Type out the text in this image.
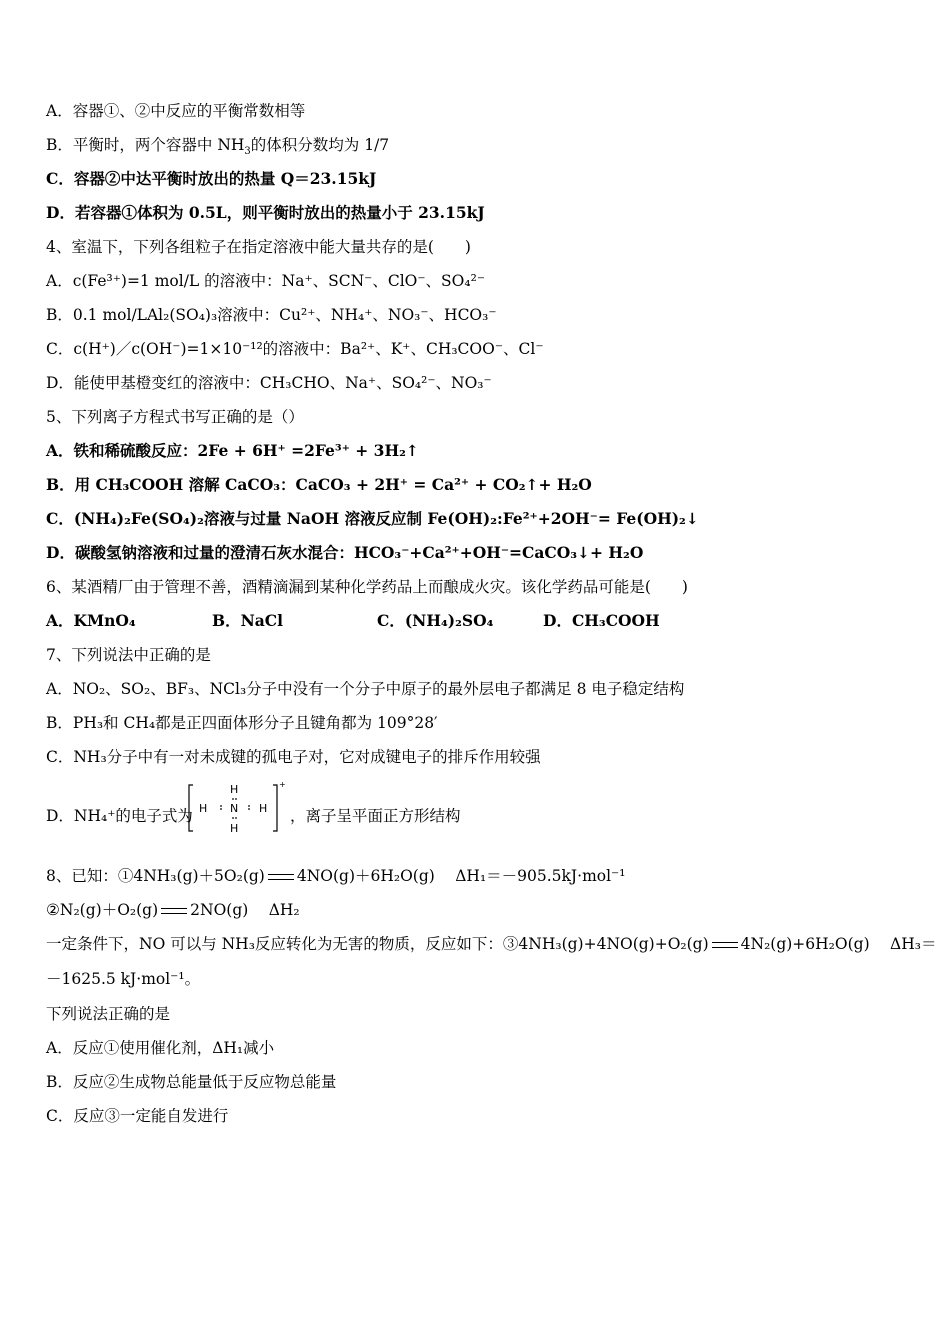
A．容器①、②中反应的平衡常数相等
B．平衡时，两个容器中 $NH_3$的体积分数均为 1/7
C．容器②中达平衡时放出的热量 Q＝23.15kJ
D．若容器①体积为 0.5L，则平衡时放出的热量小于 23.15kJ
4、室温下，下列各组粒子在指定溶液中能大量共存的是(　　)
A．c(Fe³⁺)=1 mol/L 的溶液中：Na⁺、SCN⁻、ClO⁻、SO₄²⁻
B．0.1 mol/LAl₂(SO₄)₃溶液中：Cu²⁺、NH₄⁺、NO₃⁻、HCO₃⁻
C．c(H⁺)／c(OH⁻)=1×10⁻¹²的溶液中：Ba²⁺、K⁺、CH₃COO⁻、Cl⁻
D．能使甲基橙变红的溶液中：CH₃CHO、Na⁺、SO₄²⁻、NO₃⁻
5、下列离子方程式书写正确的是（）
A．铁和稀硫酸反应：2Fe + 6H⁺ =2Fe³⁺ + 3H₂↑
B．用 CH₃COOH 溶解 CaCO₃：CaCO₃ + 2H⁺ = Ca²⁺ + CO₂↑+ H₂O
C．(NH₄)₂Fe(SO₄)₂溶液与过量 NaOH 溶液反应制 Fe(OH)₂:Fe²⁺+2OH⁻= Fe(OH)₂↓
D．碳酸氢钠溶液和过量的澄清石灰水混合：HCO₃⁻+Ca²⁺+OH⁻=CaCO₃↓+ H₂O
6、某酒精厂由于管理不善，酒精滴漏到某种化学药品上而酿成火灾。该化学药品可能是(　　)
A．KMnO₄	B．NaCl	C．(NH₄)₂SO₄	D．CH₃COOH
7、下列说法中正确的是
A．NO₂、SO₂、BF₃、NCl₃分子中没有一个分子中原子的最外层电子都满足 8 电子稳定结构
B．PH₃和 CH₄都是正四面体形分子且键角都为 109°28′
C．NH₃分子中有一对未成键的孤电子对，它对成键电子的排斥作用较强
D．NH₄⁺的电子式为
H
H N H
H
+
，离子呈平面正方形结构
8、已知：①4NH₃(g)＋5O₂(g) 4NO(g)＋6H₂O(g)　 ΔH₁＝－905.5kJ·mol⁻¹
②N₂(g)＋O₂(g) 2NO(g)　 ΔH₂
一定条件下，NO 可以与 NH₃反应转化为无害的物质，反应如下：③4NH₃(g)+4NO(g)+O₂(g) 4N₂(g)+6H₂O(g)　 ΔH₃＝
－1625.5 kJ·mol⁻¹。
下列说法正确的是
A．反应①使用催化剂，ΔH₁减小
B．反应②生成物总能量低于反应物总能量
C．反应③一定能自发进行
